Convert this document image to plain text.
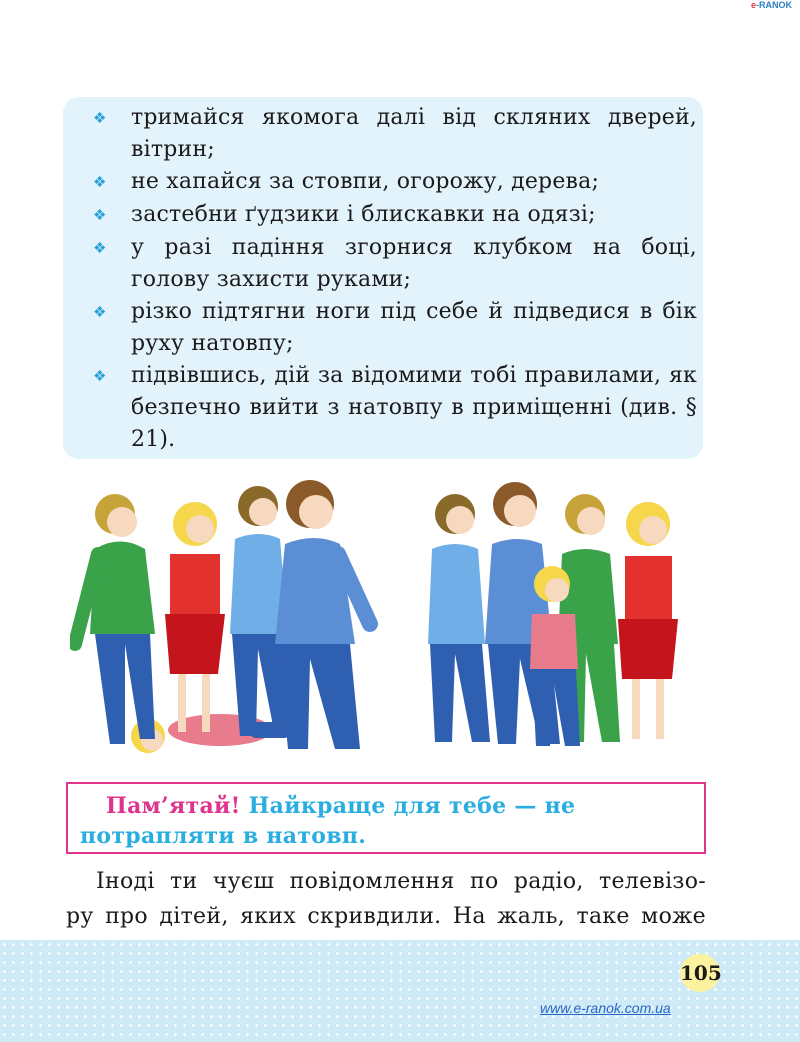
e-RANOK
❖ тримайся якомога далі від скляних дверей, вітрин;
❖ не хапайся за стовпи, огорожу, дерева;
❖ застебни ґудзики і блискавки на одязі;
❖ у разі падіння згорнися клубком на боці, голову захисти руками;
❖ різко підтягни ноги під себе й підведися в бік руху натовпу;
❖ підвівшись, дій за відомими тобі правилами, як безпечно вийти з натовпу в приміщенні (див. § 21).
Пам’ятай! Найкраще для тебе — не потрапляти в натовп.
Іноді ти чуєш повідомлення по радіо, телевізо-
ру про дітей, яких скривдили. На жаль, таке може
105
www.e-ranok.com.ua
